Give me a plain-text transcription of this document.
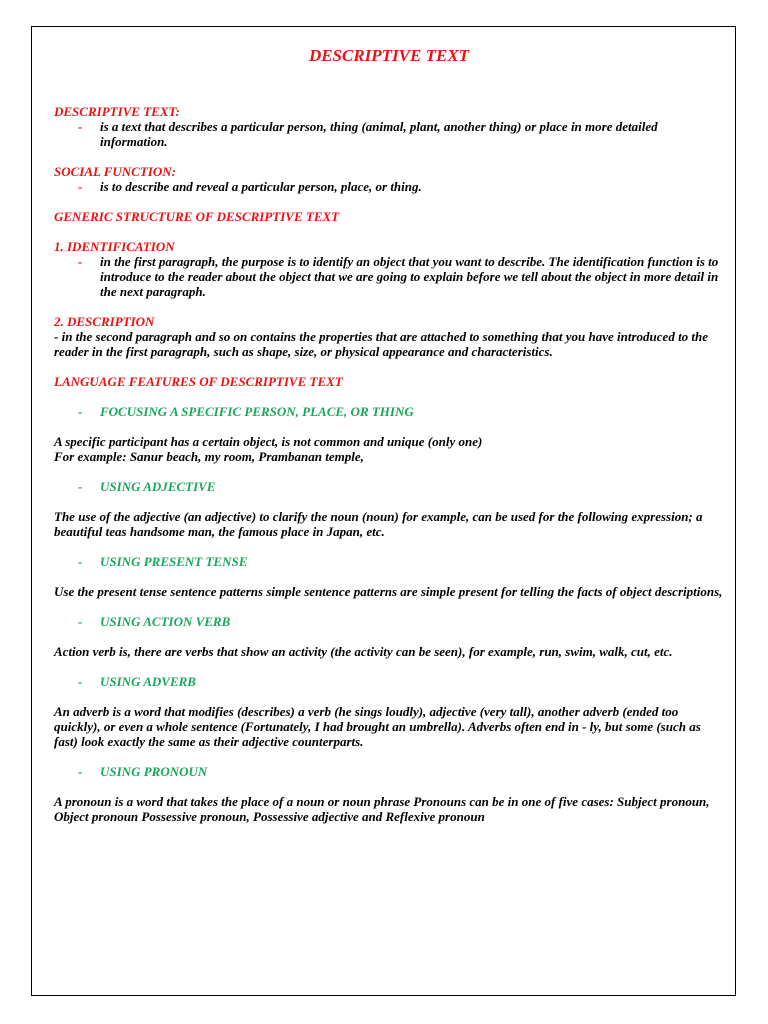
DESCRIPTIVE TEXT
DESCRIPTIVE TEXT:
-	is a text that describes a particular person, thing (animal, plant, another thing) or place in more detailed information.
SOCIAL FUNCTION:
-	is to describe and reveal a particular person, place, or thing.
GENERIC STRUCTURE OF DESCRIPTIVE TEXT
1. IDENTIFICATION
-	in the first paragraph, the purpose is to identify an object that you want to describe. The identification function is to introduce to the reader about the object that we are going to explain before we tell about the object in more detail in the next paragraph.
2. DESCRIPTION
- in the second paragraph and so on contains the properties that are attached to something that you have introduced to the reader in the first paragraph, such as shape, size, or physical appearance and characteristics.
LANGUAGE FEATURES OF DESCRIPTIVE TEXT
-	FOCUSING A SPECIFIC PERSON, PLACE, OR THING
A specific participant has a certain object, is not common and unique (only one)
For example: Sanur beach, my room, Prambanan temple,
-	USING ADJECTIVE
The use of the adjective (an adjective) to clarify the noun (noun) for example, can be used for the following expression; a beautiful teas handsome man, the famous place in Japan, etc.
-	USING PRESENT TENSE
Use the present tense sentence patterns simple sentence patterns are simple present for telling the facts of object descriptions,
-	USING ACTION VERB
Action verb is, there are verbs that show an activity (the activity can be seen), for example, run, swim, walk, cut, etc.
-	USING ADVERB
An adverb is a word that modifies (describes) a verb (he sings loudly), adjective (very tall), another adverb (ended too quickly), or even a whole sentence (Fortunately, I had brought an umbrella). Adverbs often end in - ly, but some (such as fast) look exactly the same as their adjective counterparts.
-	USING PRONOUN
A pronoun is a word that takes the place of a noun or noun phrase Pronouns can be in one of five cases: Subject pronoun, Object pronoun Possessive pronoun, Possessive adjective and Reflexive pronoun
